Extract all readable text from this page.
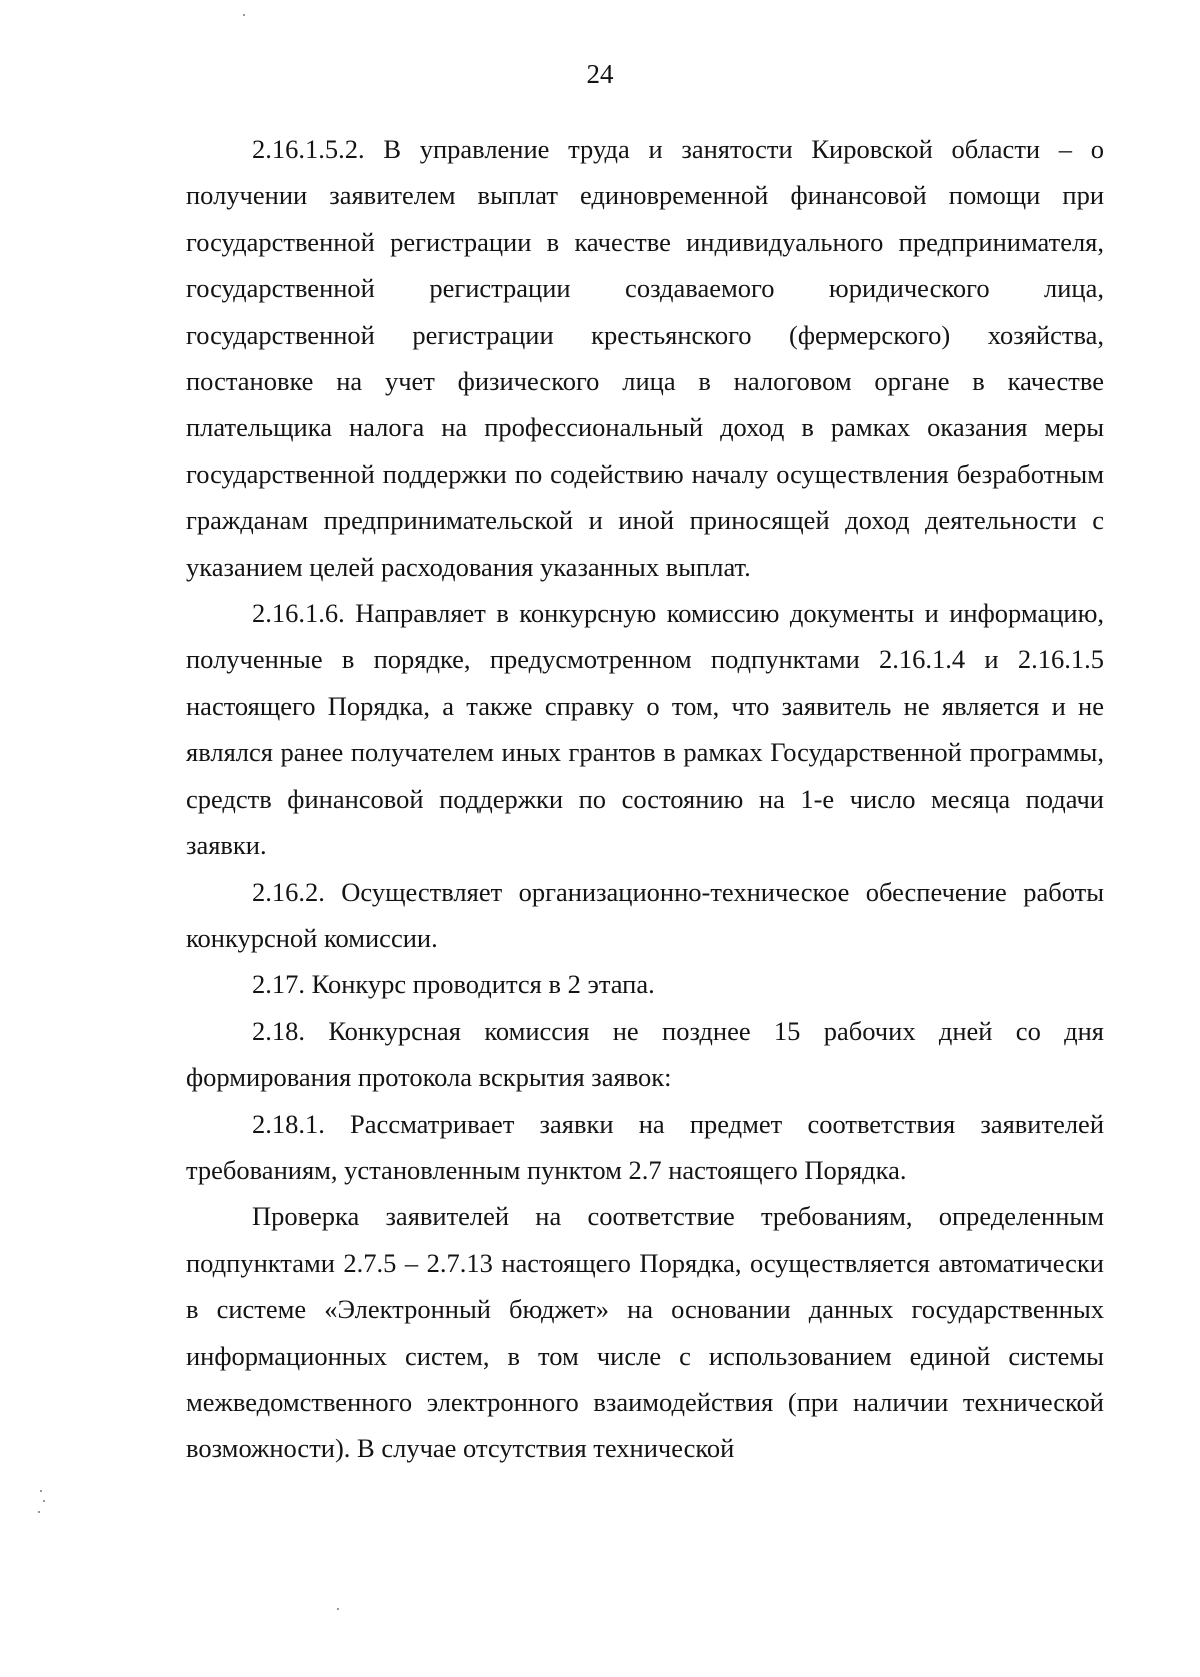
24

2.16.1.5.2. В управление труда и занятости Кировской области – о получении заявителем выплат единовременной финансовой помощи при государственной регистрации в качестве индивидуального предпринимателя, государственной регистрации создаваемого юридического лица, государственной регистрации крестьянского (фермерского) хозяйства, постановке на учет физического лица в налоговом органе в качестве плательщика налога на профессиональный доход в рамках оказания меры государственной поддержки по содействию началу осуществления безработным гражданам предпринимательской и иной приносящей доход деятельности с указанием целей расходования указанных выплат.

2.16.1.6. Направляет в конкурсную комиссию документы и информацию, полученные в порядке, предусмотренном подпунктами 2.16.1.4 и 2.16.1.5 настоящего Порядка, а также справку о том, что заявитель не является и не являлся ранее получателем иных грантов в рамках Государственной программы, средств финансовой поддержки по состоянию на 1-е число месяца подачи заявки.

2.16.2. Осуществляет организационно-техническое обеспечение работы конкурсной комиссии.

2.17. Конкурс проводится в 2 этапа.

2.18. Конкурсная комиссия не позднее 15 рабочих дней со дня формирования протокола вскрытия заявок:

2.18.1. Рассматривает заявки на предмет соответствия заявителей требованиям, установленным пунктом 2.7 настоящего Порядка.

Проверка заявителей на соответствие требованиям, определенным подпунктами 2.7.5 – 2.7.13 настоящего Порядка, осуществляется автоматически в системе «Электронный бюджет» на основании данных государственных информационных систем, в том числе с использованием единой системы межведомственного электронного взаимодействия (при наличии технической возможности). В случае отсутствия технической
